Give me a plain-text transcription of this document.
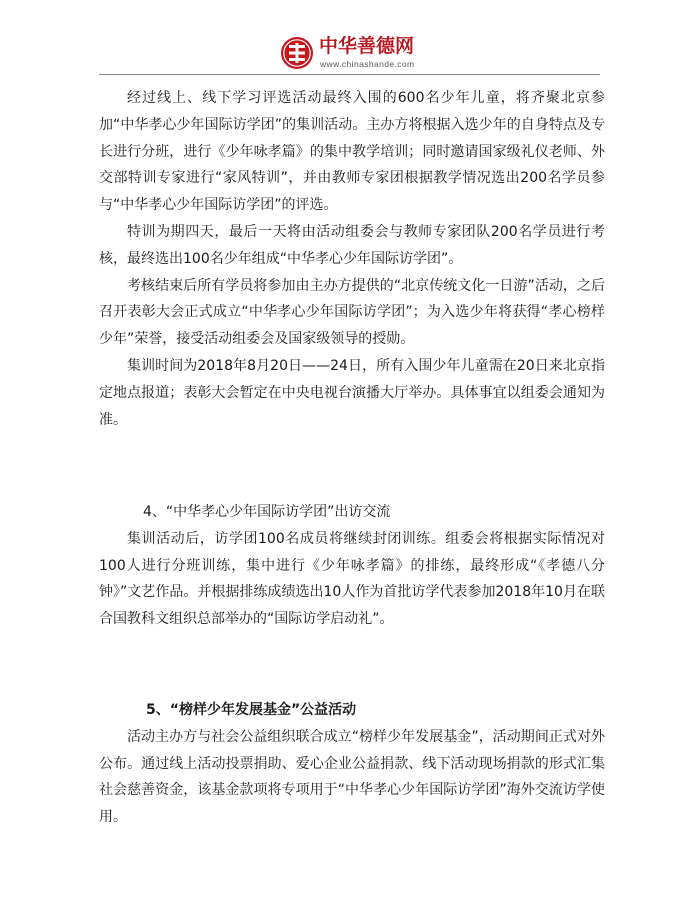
中华善德网
www.chinashande.com

经过线上、线下学习评选活动最终入围的600名少年儿童，将齐聚北京参加“中华孝心少年国际访学团”的集训活动。主办方将根据入选少年的自身特点及专长进行分班，进行《少年咏孝篇》的集中教学培训；同时邀请国家级礼仪老师、外交部特训专家进行“家风特训”，并由教师专家团根据教学情况选出200名学员参与“中华孝心少年国际访学团”的评选。

特训为期四天，最后一天将由活动组委会与教师专家团队200名学员进行考核，最终选出100名少年组成“中华孝心少年国际访学团”。

考核结束后所有学员将参加由主办方提供的“北京传统文化一日游”活动，之后召开表彰大会正式成立“中华孝心少年国际访学团”；为入选少年将获得“孝心榜样少年”荣誉，接受活动组委会及国家级领导的授勋。

集训时间为2018年8月20日——24日，所有入围少年儿童需在20日来北京指定地点报道；表彰大会暂定在中央电视台演播大厅举办。具体事宜以组委会通知为准。

4、“中华孝心少年国际访学团”出访交流

集训活动后，访学团100名成员将继续封闭训练。组委会将根据实际情况对100人进行分班训练，集中进行《少年咏孝篇》的排练，最终形成“《孝德八分钟》”文艺作品。并根据排练成绩选出10人作为首批访学代表参加2018年10月在联合国教科文组织总部举办的“国际访学启动礼”。

5、“榜样少年发展基金”公益活动

活动主办方与社会公益组织联合成立“榜样少年发展基金”，活动期间正式对外公布。通过线上活动投票捐助、爱心企业公益捐款、线下活动现场捐款的形式汇集社会慈善资金，该基金款项将专项用于“中华孝心少年国际访学团”海外交流访学使用。
